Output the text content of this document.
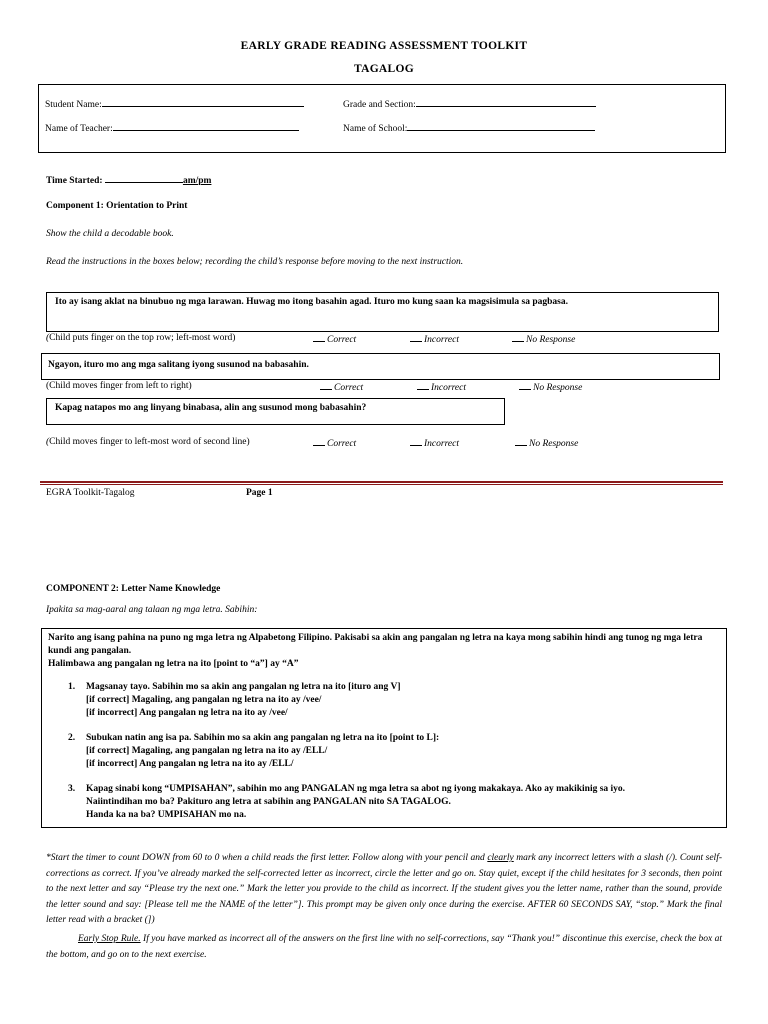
EARLY GRADE READING ASSESSMENT TOOLKIT
TAGALOG
Student Name:	Grade and Section:
Name of Teacher:	Name of School:
Time Started:	am/pm
Component 1: Orientation to Print
Show the child a decodable book.
Read the instructions in the boxes below; recording the child’s response before moving to the next instruction.
Ito ay isang aklat na binubuo ng mga larawan. Huwag mo itong basahin agad. Ituro mo kung saan ka magsisimula sa pagbasa.
(Child puts finger on the top row; left-most word)	Correct	Incorrect	No Response
Ngayon, ituro mo ang mga salitang iyong susunod na babasahin.
(Child moves finger from left to right)	Correct	Incorrect	No Response
Kapag natapos mo ang linyang binabasa, alin ang susunod mong babasahin?
(Child moves finger to left-most word of second line)	Correct	Incorrect	No Response
EGRA Toolkit-Tagalog	Page 1
COMPONENT 2: Letter Name Knowledge
Ipakita sa mag-aaral ang talaan ng mga letra. Sabihin:
Narito ang isang pahina na puno ng mga letra ng Alpabetong Filipino. Pakisabi sa akin ang pangalan ng letra na kaya mong sabihin hindi ang tunog ng mga letra kundi ang pangalan.
Halimbawa ang pangalan ng letra na ito [point to “a”] ay “A”
1. Magsanay tayo. Sabihin mo sa akin ang pangalan ng letra na ito [ituro ang V]
[if correct] Magaling, ang pangalan ng letra na ito ay /vee/
[if incorrect] Ang pangalan ng letra na ito ay /vee/
2. Subukan natin ang isa pa. Sabihin mo sa akin ang pangalan ng letra na ito [point to L]:
[if correct] Magaling, ang pangalan ng letra na ito ay /ELL/
[if incorrect] Ang pangalan ng letra na ito ay /ELL/
3. Kapag sinabi kong “UMPISAHAN”, sabihin mo ang PANGALAN ng mga letra sa abot ng iyong makakaya. Ako ay makikinig sa iyo.
Naiintindihan mo ba? Pakituro ang letra at sabihin ang PANGALAN nito SA TAGALOG.
Handa ka na ba? UMPISAHAN mo na.
*Start the timer to count DOWN from 60 to 0 when a child reads the first letter. Follow along with your pencil and clearly mark any incorrect letters with a slash (/). Count self-corrections as correct. If you’ve already marked the self-corrected letter as incorrect, circle the letter and go on. Stay quiet, except if the child hesitates for 3 seconds, then point to the next letter and say “Please try the next one.” Mark the letter you provide to the child as incorrect. If the student gives you the letter name, rather than the sound, provide the letter sound and say: [Please tell me the NAME of the letter”]. This prompt may be given only once during the exercise. AFTER 60 SECONDS SAY, “stop.” Mark the final letter read with a bracket (])
Early Stop Rule. If you have marked as incorrect all of the answers on the first line with no self-corrections, say “Thank you!” discontinue this exercise, check the box at the bottom, and go on to the next exercise.
